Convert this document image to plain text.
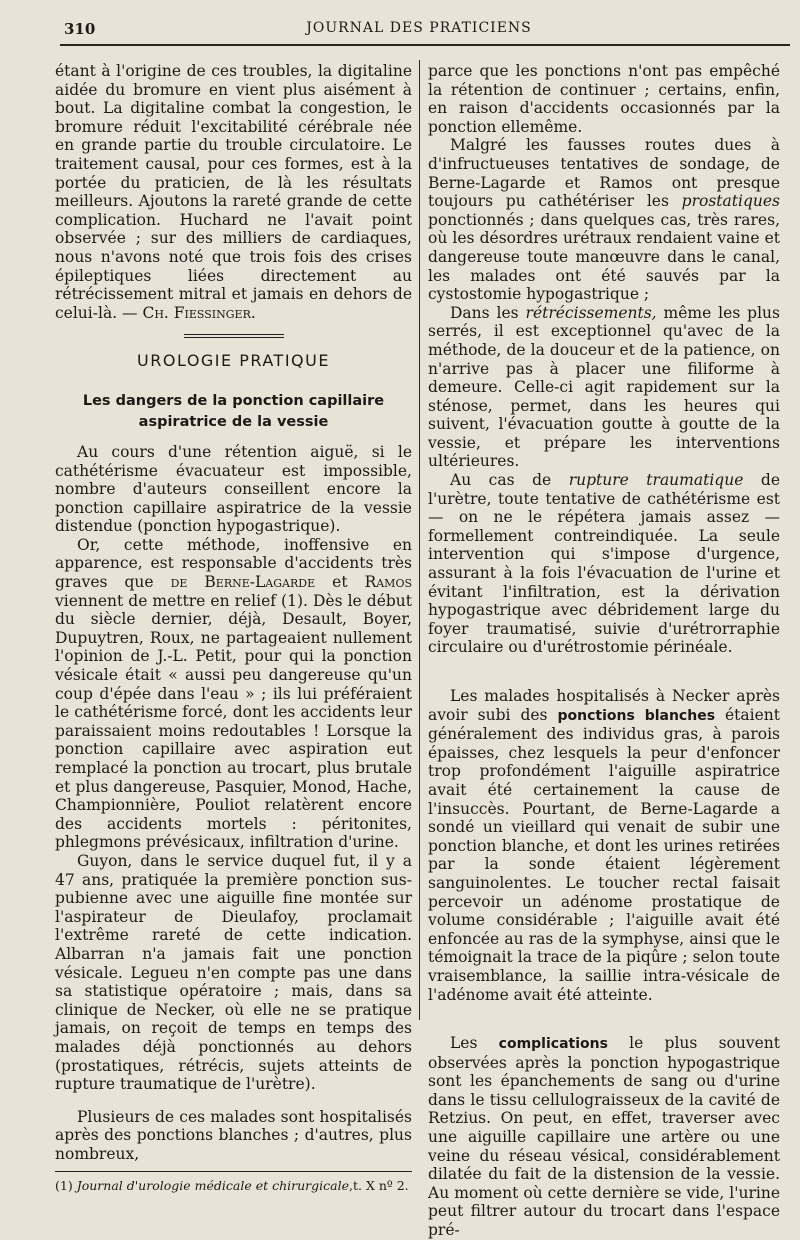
310	JOURNAL DES PRATICIENS

étant à l'origine de ces troubles, la digitaline aidée du bromure en vient plus aisément à bout. La digitaline combat la congestion, le bromure réduit l'excitabilité cérébrale née en grande partie du trouble circulatoire. Le traitement causal, pour ces formes, est à la portée du praticien, de là les résultats meilleurs. Ajoutons la rareté grande de cette complication. Huchard ne l'avait point observée ; sur des milliers de cardiaques, nous n'avons noté que trois fois des crises épileptiques liées directement au rétrécissement mitral et jamais en dehors de celui-là. — Ch. Fiessinger.

UROLOGIE PRATIQUE
Les dangers de la ponction capillaire
aspiratrice de la vessie

Au cours d'une rétention aiguë, si le cathétérisme évacuateur est impossible, nombre d'auteurs conseillent encore la ponction capillaire aspiratrice de la vessie distendue (ponction hypogastrique).

Or, cette méthode, inoffensive en apparence, est responsable d'accidents très graves que de Berne-Lagarde et Ramos viennent de mettre en relief (1). Dès le début du siècle dernier, déjà, Desault, Boyer, Dupuytren, Roux, ne partageaient nullement l'opinion de J.-L. Petit, pour qui la ponction vésicale était « aussi peu dangereuse qu'un coup d'épée dans l'eau » ; ils lui préféraient le cathétérisme forcé, dont les accidents leur paraissaient moins redoutables ! Lorsque la ponction capillaire avec aspiration eut remplacé la ponction au trocart, plus brutale et plus dangereuse, Pasquier, Monod, Hache, Championnière, Pouliot relatèrent encore des accidents mortels : péritonites, phlegmons prévésicaux, infiltration d'urine.

Guyon, dans le service duquel fut, il y a 47 ans, pratiquée la première ponction sus-pubienne avec une aiguille fine montée sur l'aspirateur de Dieulafoy, proclamait l'extrême rareté de cette indication. Albarran n'a jamais fait une ponction vésicale. Legueu n'en compte pas une dans sa statistique opératoire ; mais, dans sa clinique de Necker, où elle ne se pratique jamais, on reçoit de temps en temps des malades déjà ponctionnés au dehors (prostatiques, rétrécis, sujets atteints de rupture traumatique de l'urètre).

Plusieurs de ces malades sont hospitalisés après des ponctions blanches ; d'autres, plus nombreux,

(1) Journal d'urologie médicale et chirurgicale,t. X nº 2.

parce que les ponctions n'ont pas empêché la rétention de continuer ; certains, enfin, en raison d'accidents occasionnés par la ponction ellemême.

Malgré les fausses routes dues à d'infructueuses tentatives de sondage, de Berne-Lagarde et Ramos ont presque toujours pu cathétériser les prostatiques ponctionnés ; dans quelques cas, très rares, où les désordres urétraux rendaient vaine et dangereuse toute manœuvre dans le canal, les malades ont été sauvés par la cystostomie hypogastrique ;

Dans les rétrécissements, même les plus serrés, il est exceptionnel qu'avec de la méthode, de la douceur et de la patience, on n'arrive pas à placer une filiforme à demeure. Celle-ci agit rapidement sur la sténose, permet, dans les heures qui suivent, l'évacuation goutte à goutte de la vessie, et prépare les interventions ultérieures.

Au cas de rupture traumatique de l'urètre, toute tentative de cathétérisme est — on ne le répétera jamais assez — formellement contreindiquée. La seule intervention qui s'impose d'urgence, assurant à la fois l'évacuation de l'urine et évitant l'infiltration, est la dérivation hypogastrique avec débridement large du foyer traumatisé, suivie d'urétrorraphie circulaire ou d'urétrostomie périnéale.

Les malades hospitalisés à Necker après avoir subi des ponctions blanches étaient généralement des individus gras, à parois épaisses, chez lesquels la peur d'enfoncer trop profondément l'aiguille aspiratrice avait été certainement la cause de l'insuccès. Pourtant, de Berne-Lagarde a sondé un vieillard qui venait de subir une ponction blanche, et dont les urines retirées par la sonde étaient légèrement sanguinolentes. Le toucher rectal faisait percevoir un adénome prostatique de volume considérable ; l'aiguille avait été enfoncée au ras de la symphyse, ainsi que le témoignait la trace de la piqûre ; selon toute vraisemblance, la saillie intra-vésicale de l'adénome avait été atteinte.

Les complications le plus souvent observées après la ponction hypogastrique sont les épanchements de sang ou d'urine dans le tissu cellulograisseux de la cavité de Retzius. On peut, en effet, traverser avec une aiguille capillaire une artère ou une veine du réseau vésical, considérablement dilatée du fait de la distension de la vessie. Au moment où cette dernière se vide, l'urine peut filtrer autour du trocart dans l'espace pré-
